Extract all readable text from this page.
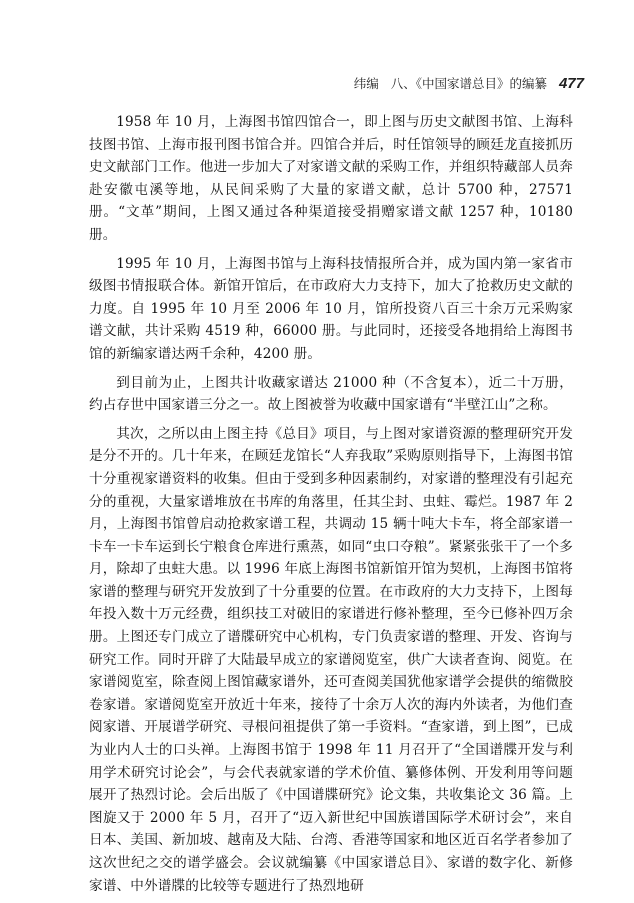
纬编 八、《中国家谱总目》的编纂 477

1958 年 10 月，上海图书馆四馆合一，即上图与历史文献图书馆、上海科技图书馆、上海市报刊图书馆合并。四馆合并后，时任馆领导的顾廷龙直接抓历史文献部门工作。他进一步加大了对家谱文献的采购工作，并组织特藏部人员奔赴安徽屯溪等地，从民间采购了大量的家谱文献，总计 5700 种，27571 册。“文革”期间，上图又通过各种渠道接受捐赠家谱文献 1257 种，10180 册。

1995 年 10 月，上海图书馆与上海科技情报所合并，成为国内第一家省市级图书情报联合体。新馆开馆后，在市政府大力支持下，加大了抢救历史文献的力度。自 1995 年 10 月至 2006 年 10 月，馆所投资八百三十余万元采购家谱文献，共计采购 4519 种，66000 册。与此同时，还接受各地捐给上海图书馆的新编家谱达两千余种，4200 册。

到目前为止，上图共计收藏家谱达 21000 种（不含复本），近二十万册，约占存世中国家谱三分之一。故上图被誉为收藏中国家谱有“半壁江山”之称。

其次，之所以由上图主持《总目》项目，与上图对家谱资源的整理研究开发是分不开的。几十年来，在顾廷龙馆长“人弃我取”采购原则指导下，上海图书馆十分重视家谱资料的收集。但由于受到多种因素制约，对家谱的整理没有引起充分的重视，大量家谱堆放在书库的角落里，任其尘封、虫蛀、霉烂。1987 年 2 月，上海图书馆曾启动抢救家谱工程，共调动 15 辆十吨大卡车，将全部家谱一卡车一卡车运到长宁粮食仓库进行熏蒸，如同“虫口夺粮”。紧紧张张干了一个多月，除却了虫蛀大患。以 1996 年底上海图书馆新馆开馆为契机，上海图书馆将家谱的整理与研究开发放到了十分重要的位置。在市政府的大力支持下，上图每年投入数十万元经费，组织技工对破旧的家谱进行修补整理，至今已修补四万余册。上图还专门成立了谱牒研究中心机构，专门负责家谱的整理、开发、咨询与研究工作。同时开辟了大陆最早成立的家谱阅览室，供广大读者查询、阅览。在家谱阅览室，除查阅上图馆藏家谱外，还可查阅美国犹他家谱学会提供的缩微胶卷家谱。家谱阅览室开放近十年来，接待了十余万人次的海内外读者，为他们查阅家谱、开展谱学研究、寻根问祖提供了第一手资料。“查家谱，到上图”，已成为业内人士的口头禅。上海图书馆于 1998 年 11 月召开了“全国谱牒开发与利用学术研究讨论会”，与会代表就家谱的学术价值、纂修体例、开发利用等问题展开了热烈讨论。会后出版了《中国谱牒研究》论文集，共收集论文 36 篇。上图旋又于 2000 年 5 月，召开了“迈入新世纪中国族谱国际学术研讨会”，来自日本、美国、新加坡、越南及大陆、台湾、香港等国家和地区近百名学者参加了这次世纪之交的谱学盛会。会议就编纂《中国家谱总目》、家谱的数字化、新修家谱、中外谱牒的比较等专题进行了热烈地研
